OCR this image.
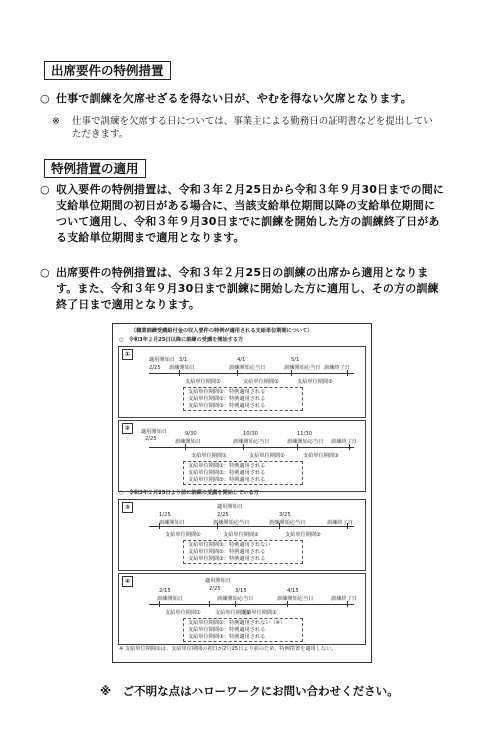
出席要件の特例措置
○ 仕事で訓練を欠席せざるを得ない日が、やむを得ない欠席となります。
※ 仕事で訓練を欠席する日については、事業主による勤務日の証明書などを提出していただきます。
特例措置の適用
○ 収入要件の特例措置は、令和３年２月25日から令和３年９月30日までの間に支給単位期間の初日がある場合に、当該支給単位期間以降の支給単位期間について適用し、令和３年９月30日までに訓練を開始した方の訓練終了日がある支給単位期間まで適用となります。
○ 出席要件の特例措置は、令和３年２月25日の訓練の出席から適用となります。また、令和３年９月30日まで訓練に開始した方に適用し、その方の訓練終了日まで適用となります。
（職業訓練受講給付金の収入要件の特例が適用される支給単位期間について）
○　令和3年２月25日以降に訓練の受講を開始する方
○　令和3年２月25日より前に訓練の受講を開始している方
※ 支給単位期間①は、支給単位期間の初日が2月25日より前のため、特例措置を適用しない。
①
適用開始日
2/25
3/1
訓練開始日
4/1
訓練開始応当日
5/1
訓練開始応当日 訓練終了日
支給単位期間①	支給単位期間②	支給単位期間③
支給単位期間①：特例適用される
支給単位期間②：特例適用される
支給単位期間③：特例適用される
②	適用開始日
2/25
9/30
訓練開始日
10/30
訓練開始応当日
11/30
訓練開始応当日 訓練終了日
支給単位期間①	支給単位期間②	支給単位期間③
支給単位期間①：特例適用される
支給単位期間②：特例適用される
支給単位期間③：特例適用される
③	適用開始日
1/25
訓練開始日
2/25
訓練開始応当日
3/25
訓練開始応当日	訓練終了日
支給単位期間①	支給単位期間②	支給単位期間③
支給単位期間①：特例適用されない
支給単位期間②：特例適用される
支給単位期間③：特例適用される
④	適用開始日
2/15	2/25	3/15
訓練開始日	訓練開始応当日
4/15
訓練開始応当日	訓練終了日
支給単位期間①	支給単位期間②
支給単位期間③
支給単位期間①：特例適用されない（※）
支給単位期間②：特例適用される
支給単位期間③：特例適用される
※　ご不明な点はハローワークにお問い合わせください。
